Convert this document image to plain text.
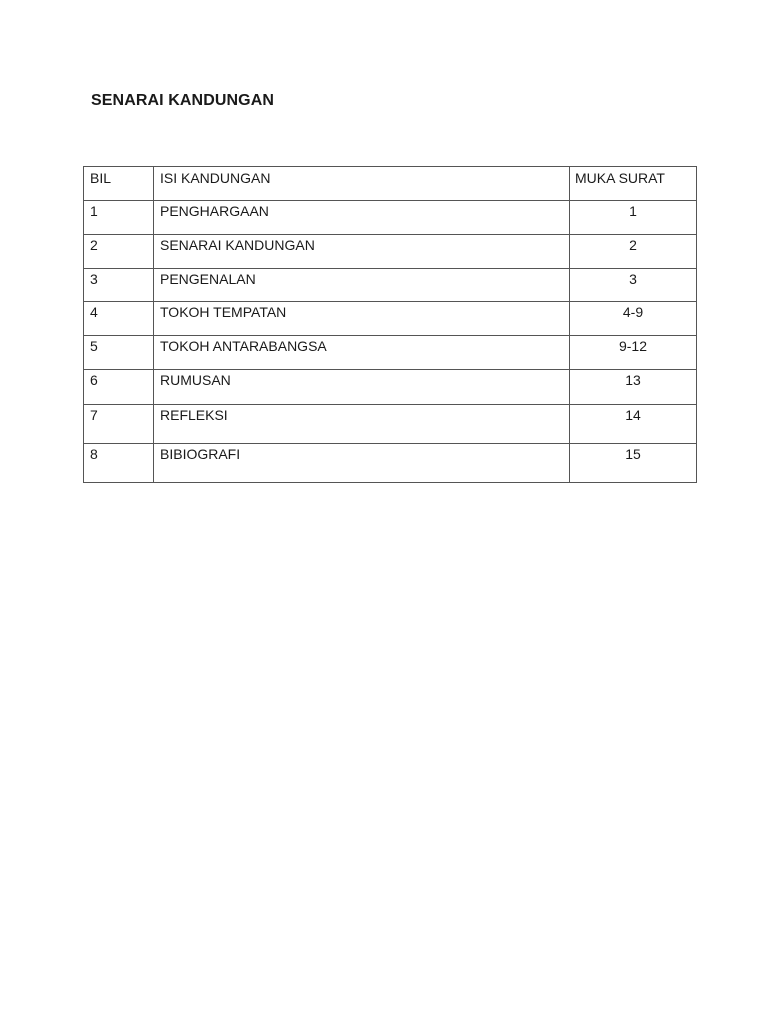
SENARAI KANDUNGAN
BIL	ISI KANDUNGAN	MUKA SURAT
1	PENGHARGAAN	1
2	SENARAI KANDUNGAN	2
3	PENGENALAN	3
4	TOKOH TEMPATAN	4-9
5	TOKOH ANTARABANGSA	9-12
6	RUMUSAN	13
7	REFLEKSI	14
8	BIBIOGRAFI	15
